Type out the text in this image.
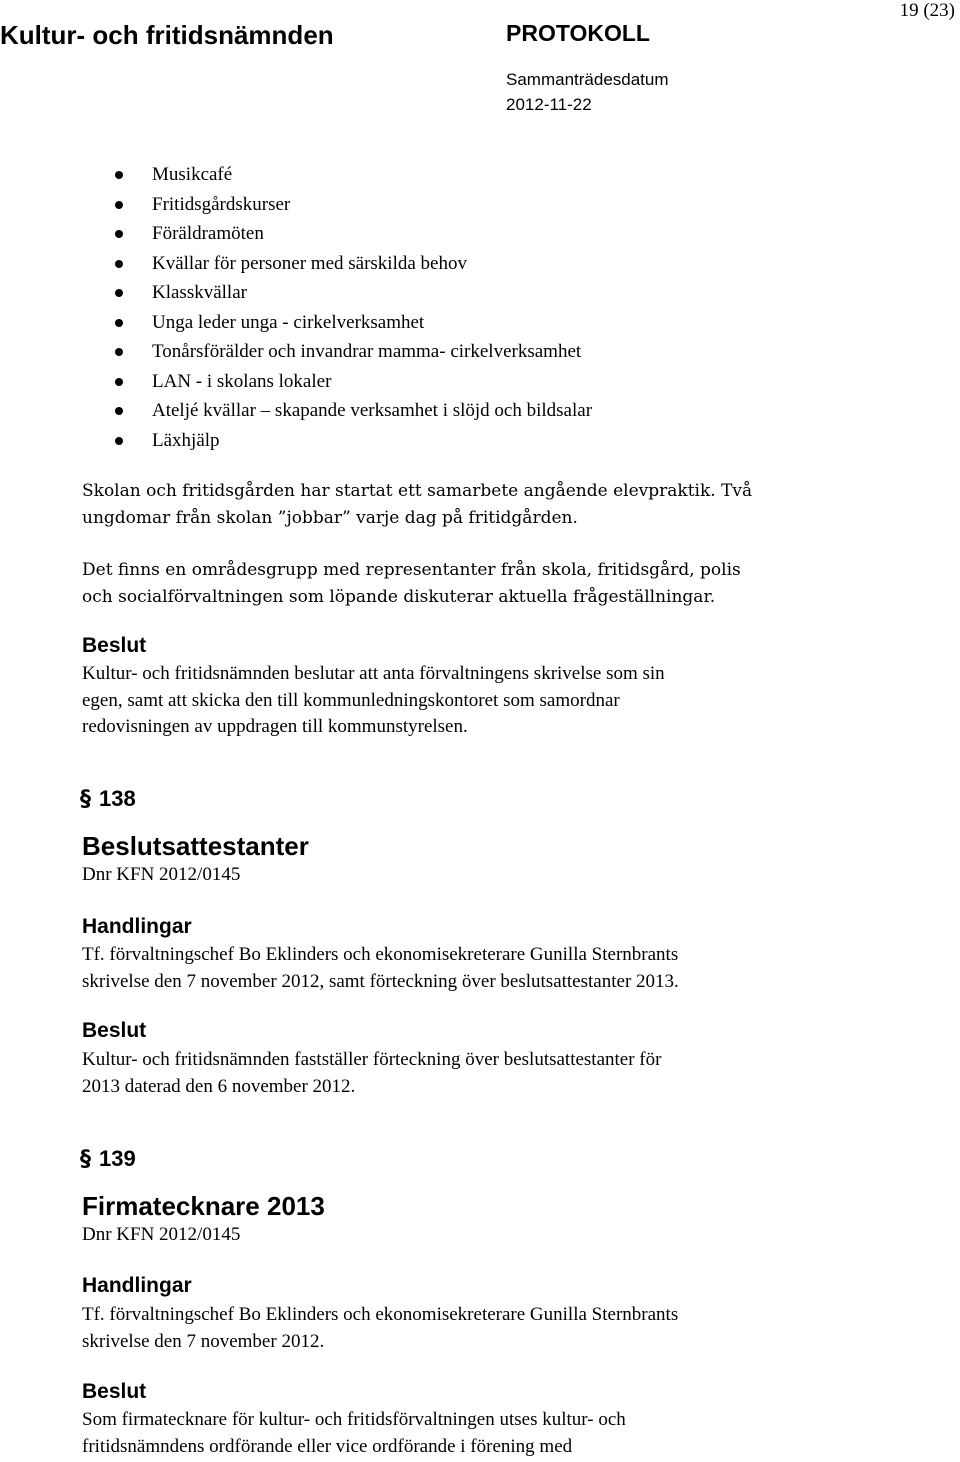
Kultur- och fritidsnämnden	PROTOKOLL
19 (23)
Sammanträdesdatum
2012-11-22
Musikcafé
Fritidsgårdskurser
Föräldramöten
Kvällar för personer med särskilda behov
Klasskvällar
Unga leder unga - cirkelverksamhet
Tonårsförälder och invandrar mamma- cirkelverksamhet
LAN - i skolans lokaler
Ateljé kvällar – skapande verksamhet i slöjd och bildsalar
Läxhjälp
Skolan och fritidsgården har startat ett samarbete angående elevpraktik. Två
ungdomar från skolan ”jobbar” varje dag på fritidgården.
Det finns en områdesgrupp med representanter från skola, fritidsgård, polis
och socialförvaltningen som löpande diskuterar aktuella frågeställningar.
Beslut
Kultur- och fritidsnämnden beslutar att anta förvaltningens skrivelse som sin
egen, samt att skicka den till kommunledningskontoret som samordnar
redovisningen av uppdragen till kommunstyrelsen.
§ 138
Beslutsattestanter
Dnr KFN 2012/0145
Handlingar
Tf. förvaltningschef Bo Eklinders och ekonomisekreterare Gunilla Sternbrants
skrivelse den 7 november 2012, samt förteckning över beslutsattestanter 2013.
Beslut
Kultur- och fritidsnämnden fastställer förteckning över beslutsattestanter för
2013 daterad den 6 november 2012.
§ 139
Firmatecknare 2013
Dnr KFN 2012/0145
Handlingar
Tf. förvaltningschef Bo Eklinders och ekonomisekreterare Gunilla Sternbrants
skrivelse den 7 november 2012.
Beslut
Som firmatecknare för kultur- och fritidsförvaltningen utses kultur- och
fritidsnämndens ordförande eller vice ordförande i förening med
